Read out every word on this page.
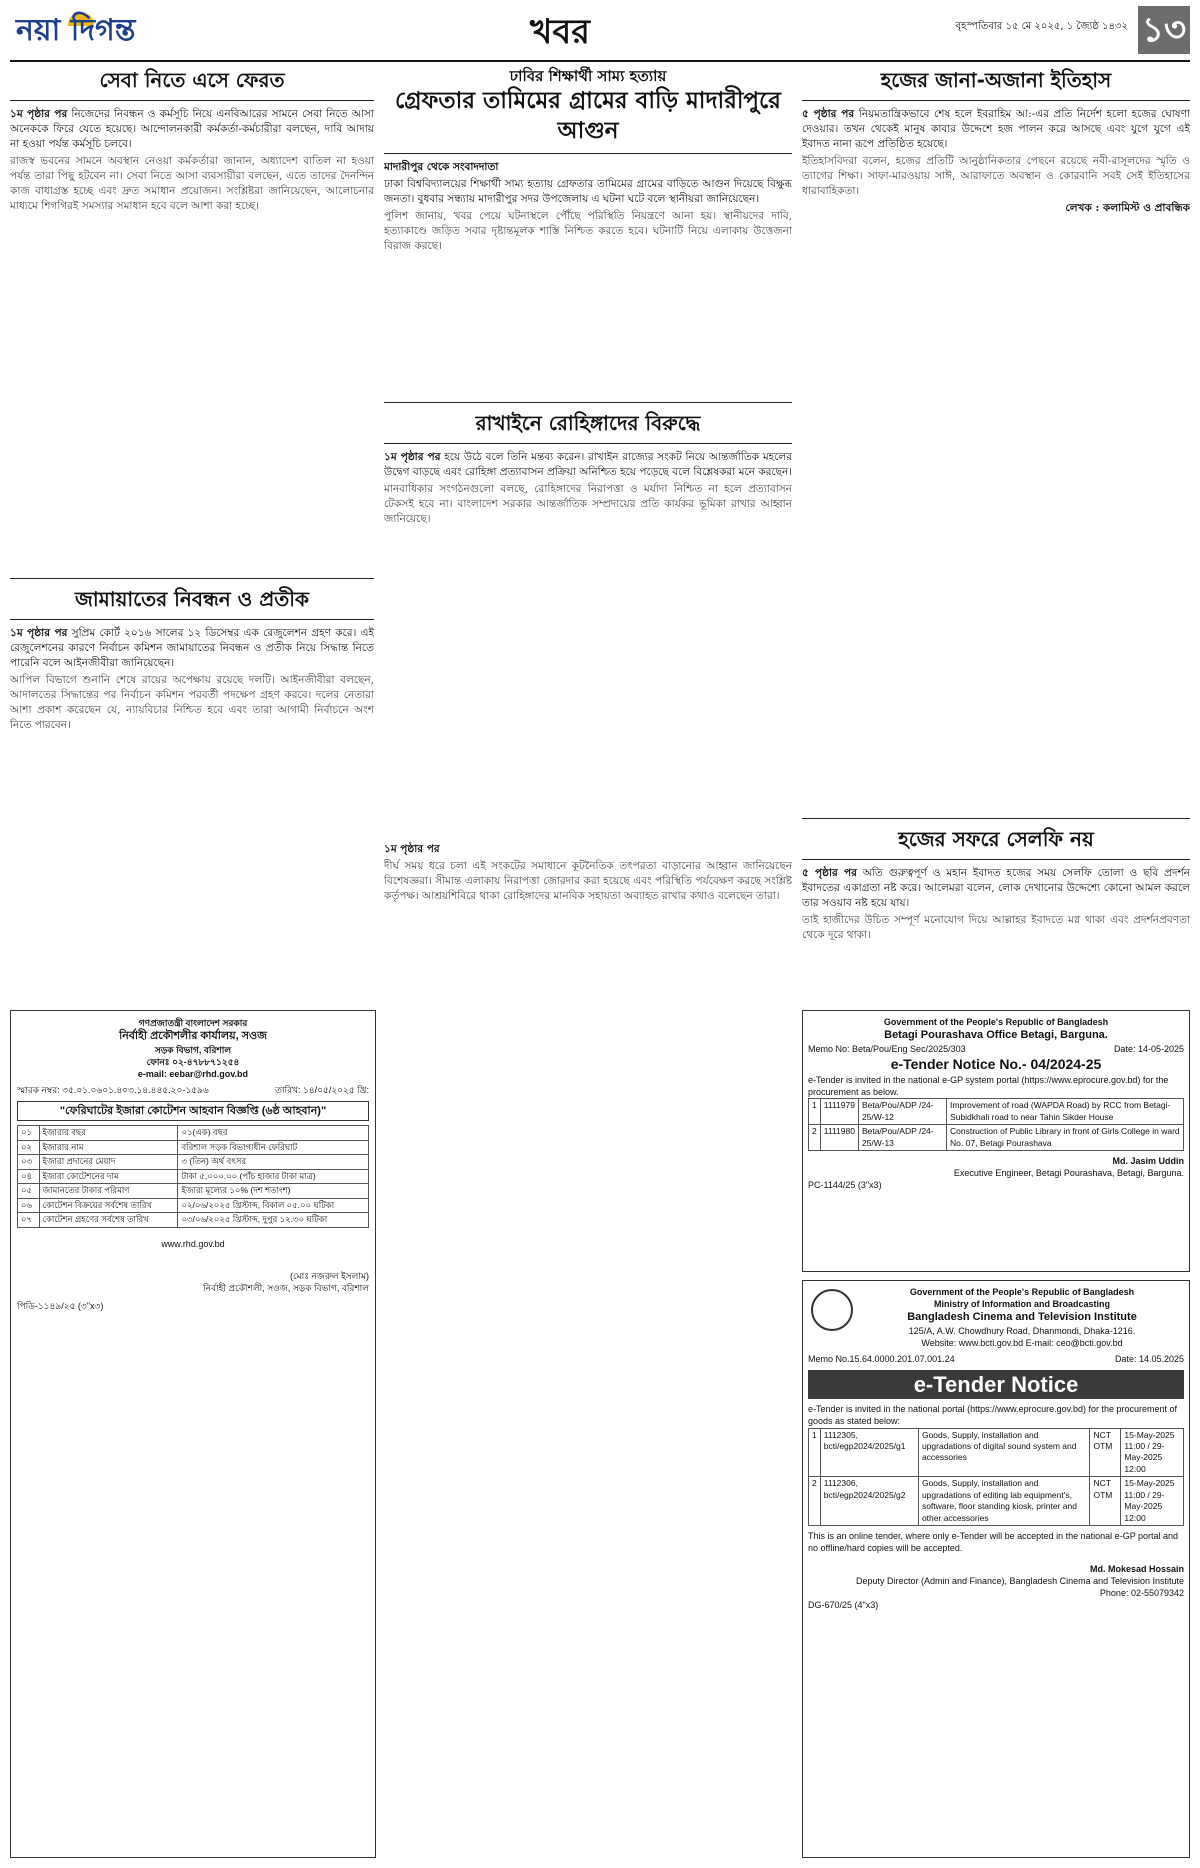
নয়া দিগন্ত	খবর	বৃহস্পতিবার ১৫ মে ২০২৫, ১ জ্যৈষ্ঠ ১৪৩২ ১৩
সেবা নিতে এসে ফেরত

১ম পৃষ্ঠার পর নিজেদের নিবন্ধন ও কর্মসূচি নিয়ে এনবিআরের সামনে সেবা নিতে আসা অনেককে ফিরে যেতে হয়েছে। আন্দোলনকারী কর্মকর্তা-কর্মচারীরা বলছেন, দাবি আদায় না হওয়া পর্যন্ত কর্মসূচি চলবে।

রাজস্ব ভবনের সামনে অবস্থান নেওয়া কর্মকর্তারা জানান, অধ্যাদেশ বাতিল না হওয়া পর্যন্ত তারা পিছু হটবেন না। সেবা নিতে আসা ব্যবসায়ীরা বলছেন, এতে তাদের দৈনন্দিন কাজ বাধাগ্রস্ত হচ্ছে এবং দ্রুত সমাধান প্রয়োজন। সংশ্লিষ্টরা জানিয়েছেন, আলোচনার মাধ্যমে শিগগিরই সমস্যার সমাধান হবে বলে আশা করা হচ্ছে।

জামায়াতের নিবন্ধন ও প্রতীক

১ম পৃষ্ঠার পর সুপ্রিম কোর্ট ২০১৬ সালের ১২ ডিসেম্বর এক রেজুলেশন গ্রহণ করে। এই রেজুলেশনের কারণে নির্বাচন কমিশন জামায়াতের নিবন্ধন ও প্রতীক নিয়ে সিদ্ধান্ত নিতে পারেনি বলে আইনজীবীরা জানিয়েছেন।

আপিল বিভাগে শুনানি শেষে রায়ের অপেক্ষায় রয়েছে দলটি। আইনজীবীরা বলছেন, আদালতের সিদ্ধান্তের পর নির্বাচন কমিশন পরবর্তী পদক্ষেপ গ্রহণ করবে। দলের নেতারা আশা প্রকাশ করেছেন যে, ন্যায়বিচার নিশ্চিত হবে এবং তারা আগামী নির্বাচনে অংশ নিতে পারবেন।

গণপ্রজাতন্ত্রী বাংলাদেশ সরকার
নির্বাহী প্রকৌশলীর কার্যালয়, সওজ
সড়ক বিভাগ, বরিশাল
ফোনঃ ০২-৪৭৮৮৭১২৫৪
e-mail: eebar@rhd.gov.bd
স্মারক নম্বর: ৩৫.০১.০৬০১.৪০৩.১৪.৪৪৫.২০-১৫৯৬	তারিখ: ১৪/০৫/২০২৫ খ্রি:
"ফেরিঘাটের ইজারা কোটেশন আহবান বিজ্ঞপ্তি (৬ষ্ঠ আহবান)"
০১	ইজারার বছর	০১(এক) বছর
০২	ইজারার নাম	বরিশাল সড়ক বিভাগাধীন ফেরিঘাট
০৩	ইজারা প্রদানের মেয়াদ	৩ (তিন) অর্থ বৎসর
০৪	ইজারা কোটেশনের দাম	টাকা ৫,০০০.০০ (পাঁচ হাজার টাকা মাত্র)
০৫	জামানতের টাকার পরিমাণ	ইজারা মূল্যের ১০% (দশ শতাংশ)
০৬	কোটেশন বিক্রয়ের সর্বশেষ তারিখ	০২/০৬/২০২৫ খ্রিস্টাব্দ, বিকাল ০৫.০০ ঘটিকা
০৭	কোটেশন গ্রহণের সর্বশেষ তারিখ	০৩/০৬/২০২৫ খ্রিস্টাব্দ, দুপুর ১২.৩০ ঘটিকা
www.rhd.gov.bd
(মোঃ নজরুল ইসলাম)
নির্বাহী প্রকৌশলী, সওজ, সড়ক বিভাগ, বরিশাল
পিডি-১১৪৯/২৫ (৩"x৩)
ঢাবির শিক্ষার্থী সাম্য হত্যায়
গ্রেফতার তামিমের গ্রামের বাড়ি মাদারীপুরে আগুন

মাদারীপুর থেকে সংবাদদাতা

ঢাকা বিশ্ববিদ্যালয়ের শিক্ষার্থী সাম্য হত্যায় গ্রেফতার তামিমের গ্রামের বাড়িতে আগুন দিয়েছে বিক্ষুব্ধ জনতা। বুধবার সন্ধ্যায় মাদারীপুর সদর উপজেলায় এ ঘটনা ঘটে বলে স্থানীয়রা জানিয়েছেন।

পুলিশ জানায়, খবর পেয়ে ঘটনাস্থলে পৌঁছে পরিস্থিতি নিয়ন্ত্রণে আনা হয়। স্থানীয়দের দাবি, হত্যাকাণ্ডে জড়িত সবার দৃষ্টান্তমূলক শাস্তি নিশ্চিত করতে হবে। ঘটনাটি নিয়ে এলাকায় উত্তেজনা বিরাজ করছে।

রাখাইনে রোহিঙ্গাদের বিরুদ্ধে

১ম পৃষ্ঠার পর হয়ে উঠে বলে তিনি মন্তব্য করেন। রাখাইন রাজ্যের সংকট নিয়ে আন্তর্জাতিক মহলের উদ্বেগ বাড়ছে এবং রোহিঙ্গা প্রত্যাবাসন প্রক্রিয়া অনিশ্চিত হয়ে পড়েছে বলে বিশ্লেষকরা মনে করছেন।

মানবাধিকার সংগঠনগুলো বলছে, রোহিঙ্গাদের নিরাপত্তা ও মর্যাদা নিশ্চিত না হলে প্রত্যাবাসন টেকসই হবে না। বাংলাদেশ সরকার আন্তর্জাতিক সম্প্রদায়ের প্রতি কার্যকর ভূমিকা রাখার আহ্বান জানিয়েছে।

১ম পৃষ্ঠার পর

দীর্ঘ সময় ধরে চলা এই সংকটের সমাধানে কূটনৈতিক তৎপরতা বাড়ানোর আহ্বান জানিয়েছেন বিশেষজ্ঞরা। সীমান্ত এলাকায় নিরাপত্তা জোরদার করা হয়েছে এবং পরিস্থিতি পর্যবেক্ষণ করছে সংশ্লিষ্ট কর্তৃপক্ষ। আশ্রয়শিবিরে থাকা রোহিঙ্গাদের মানবিক সহায়তা অব্যাহত রাখার কথাও বলেছেন তারা।

হজের জানা-অজানা ইতিহাস

৫ পৃষ্ঠার পর নিয়মতান্ত্রিকভাবে শেষ হলে ইবরাহিম আ:-এর প্রতি নির্দেশ হলো হজের ঘোষণা দেওয়ার। তখন থেকেই মানুষ কাবার উদ্দেশে হজ পালন করে আসছে এবং যুগে যুগে এই ইবাদত নানা রূপে প্রতিষ্ঠিত হয়েছে।

ইতিহাসবিদরা বলেন, হজের প্রতিটি আনুষ্ঠানিকতার পেছনে রয়েছে নবী-রাসূলদের স্মৃতি ও ত্যাগের শিক্ষা। সাফা-মারওয়ায় সাঈ, আরাফাতে অবস্থান ও কোরবানি সবই সেই ইতিহাসের ধারাবাহিকতা।

লেখক : কলামিস্ট ও প্রাবন্ধিক

হজের সফরে সেলফি নয়

৫ পৃষ্ঠার পর অতি গুরুত্বপূর্ণ ও মহান ইবাদত হজের সময় সেলফি তোলা ও ছবি প্রদর্শন ইবাদতের একাগ্রতা নষ্ট করে। আলেমরা বলেন, লোক দেখানোর উদ্দেশ্যে কোনো আমল করলে তার সওয়াব নষ্ট হয়ে যায়।

তাই হাজীদের উচিত সম্পূর্ণ মনোযোগ দিয়ে আল্লাহর ইবাদতে মগ্ন থাকা এবং প্রদর্শনপ্রবণতা থেকে দূরে থাকা।

Government of the People's Republic of Bangladesh
Betagi Pourashava Office Betagi, Barguna.
Memo No: Beta/Pou/Eng Sec/2025/303	Date: 14-05-2025
e-Tender Notice No.- 04/2024-25
e-Tender is invited in the national e-GP system portal (https://www.eprocure.gov.bd) for the procurement as below.
1	1111979	Beta/Pou/ADP /24-25/W-12	Improvement of road (WAPDA Road) by RCC from Betagi-Subidkhali road to near Tahin Sikder House
2	1111980	Beta/Pou/ADP /24-25/W-13	Construction of Public Library in front of Girls College in ward No. 07, Betagi Pourashava
Md. Jasim Uddin
Executive Engineer, Betagi Pourashava, Betagi, Barguna.
PC-1144/25 (3"x3)
Government of the People's Republic of Bangladesh
Ministry of Information and Broadcasting
Bangladesh Cinema and Television Institute
125/A, A.W. Chowdhury Road, Dhanmondi, Dhaka-1216.
Website: www.bcti.gov.bd E-mail: ceo@bcti.gov.bd
Memo No.15.64.0000.201.07.001.24	Date: 14.05.2025
e-Tender Notice
e-Tender is invited in the national portal (https://www.eprocure.gov.bd) for the procurement of goods as stated below:
1	1112305, bcti/egp2024/2025/g1	Goods, Supply, installation and upgradations of digital sound system and accessories	NCT OTM	15-May-2025 11:00 / 29-May-2025 12:00
2	1112306, bcti/egp2024/2025/g2	Goods, Supply, installation and upgradations of editing lab equipment's, software, floor standing kiosk, printer and other accessories	NCT OTM	15-May-2025 11:00 / 29-May-2025 12:00
This is an online tender, where only e-Tender will be accepted in the national e-GP portal and no offline/hard copies will be accepted.
Md. Mokesad Hossain
Deputy Director (Admin and Finance), Bangladesh Cinema and Television Institute
Phone: 02-55079342
DG-670/25 (4"x3)
